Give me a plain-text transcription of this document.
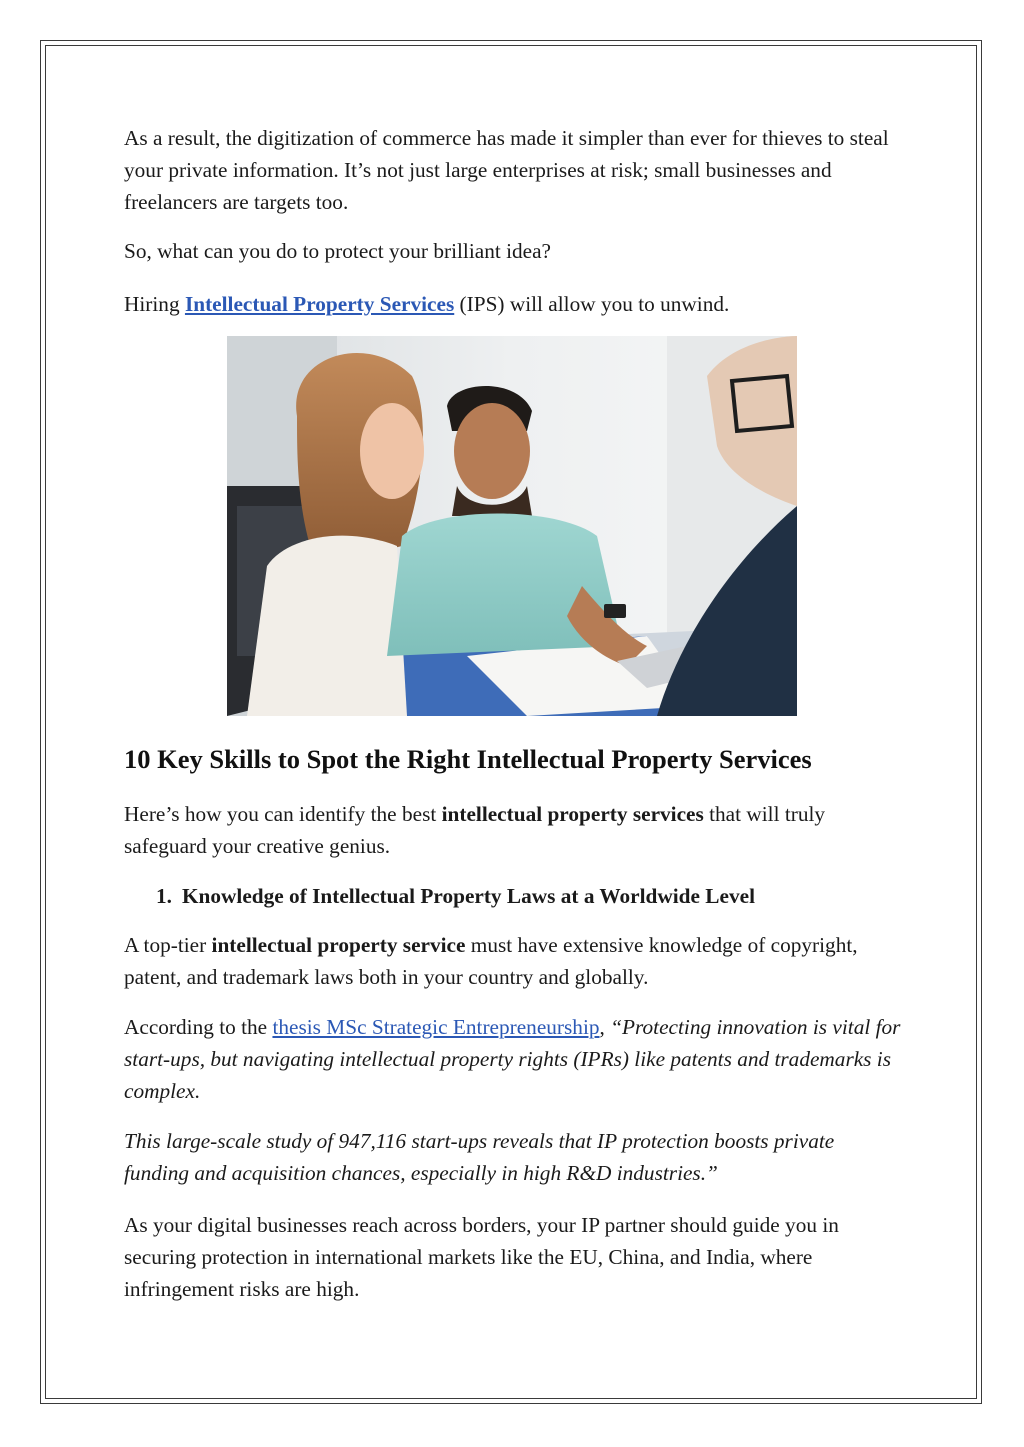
As a result, the digitization of commerce has made it simpler than ever for thieves to steal your private information. It’s not just large enterprises at risk; small businesses and freelancers are targets too.

So, what can you do to protect your brilliant idea?

Hiring Intellectual Property Services (IPS) will allow you to unwind.

10 Key Skills to Spot the Right Intellectual Property Services

Here’s how you can identify the best intellectual property services that will truly safeguard your creative genius.

1. Knowledge of Intellectual Property Laws at a Worldwide Level

A top-tier intellectual property service must have extensive knowledge of copyright, patent, and trademark laws both in your country and globally.

According to the thesis MSc Strategic Entrepreneurship, “Protecting innovation is vital for start-ups, but navigating intellectual property rights (IPRs) like patents and trademarks is complex.

This large-scale study of 947,116 start-ups reveals that IP protection boosts private funding and acquisition chances, especially in high R&D industries.”

As your digital businesses reach across borders, your IP partner should guide you in securing protection in international markets like the EU, China, and India, where infringement risks are high.
